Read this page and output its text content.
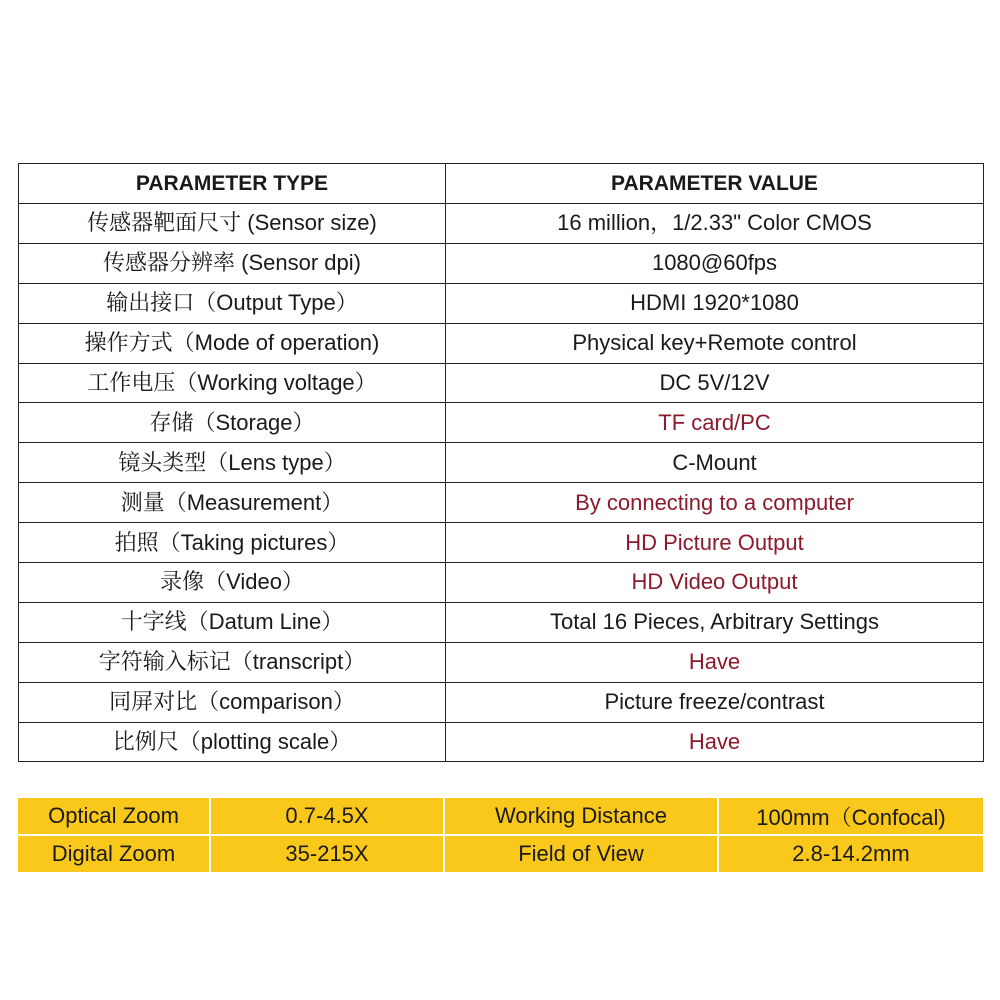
PARAMETER TYPE	PARAMETER VALUE
传感器靶面尺寸 (Sensor size)	16 million，1/2.33" Color CMOS
传感器分辨率 (Sensor dpi)	1080@60fps
输出接口（Output Type）	HDMI 1920*1080
操作方式（Mode of operation)	Physical key+Remote control
工作电压（Working voltage）	DC 5V/12V
存储（Storage）	TF card/PC
镜头类型（Lens type）	C-Mount
测量（Measurement）	By connecting to a computer
拍照（Taking pictures）	HD Picture Output
录像（Video）	HD Video Output
十字线（Datum Line）	Total 16 Pieces, Arbitrary Settings
字符输入标记（transcript）	Have
同屏对比（comparison）	Picture freeze/contrast
比例尺（plotting scale）	Have
Optical Zoom	0.7-4.5X	Working Distance	100mm（Confocal)
Digital Zoom	35-215X	Field of View	2.8-14.2mm
